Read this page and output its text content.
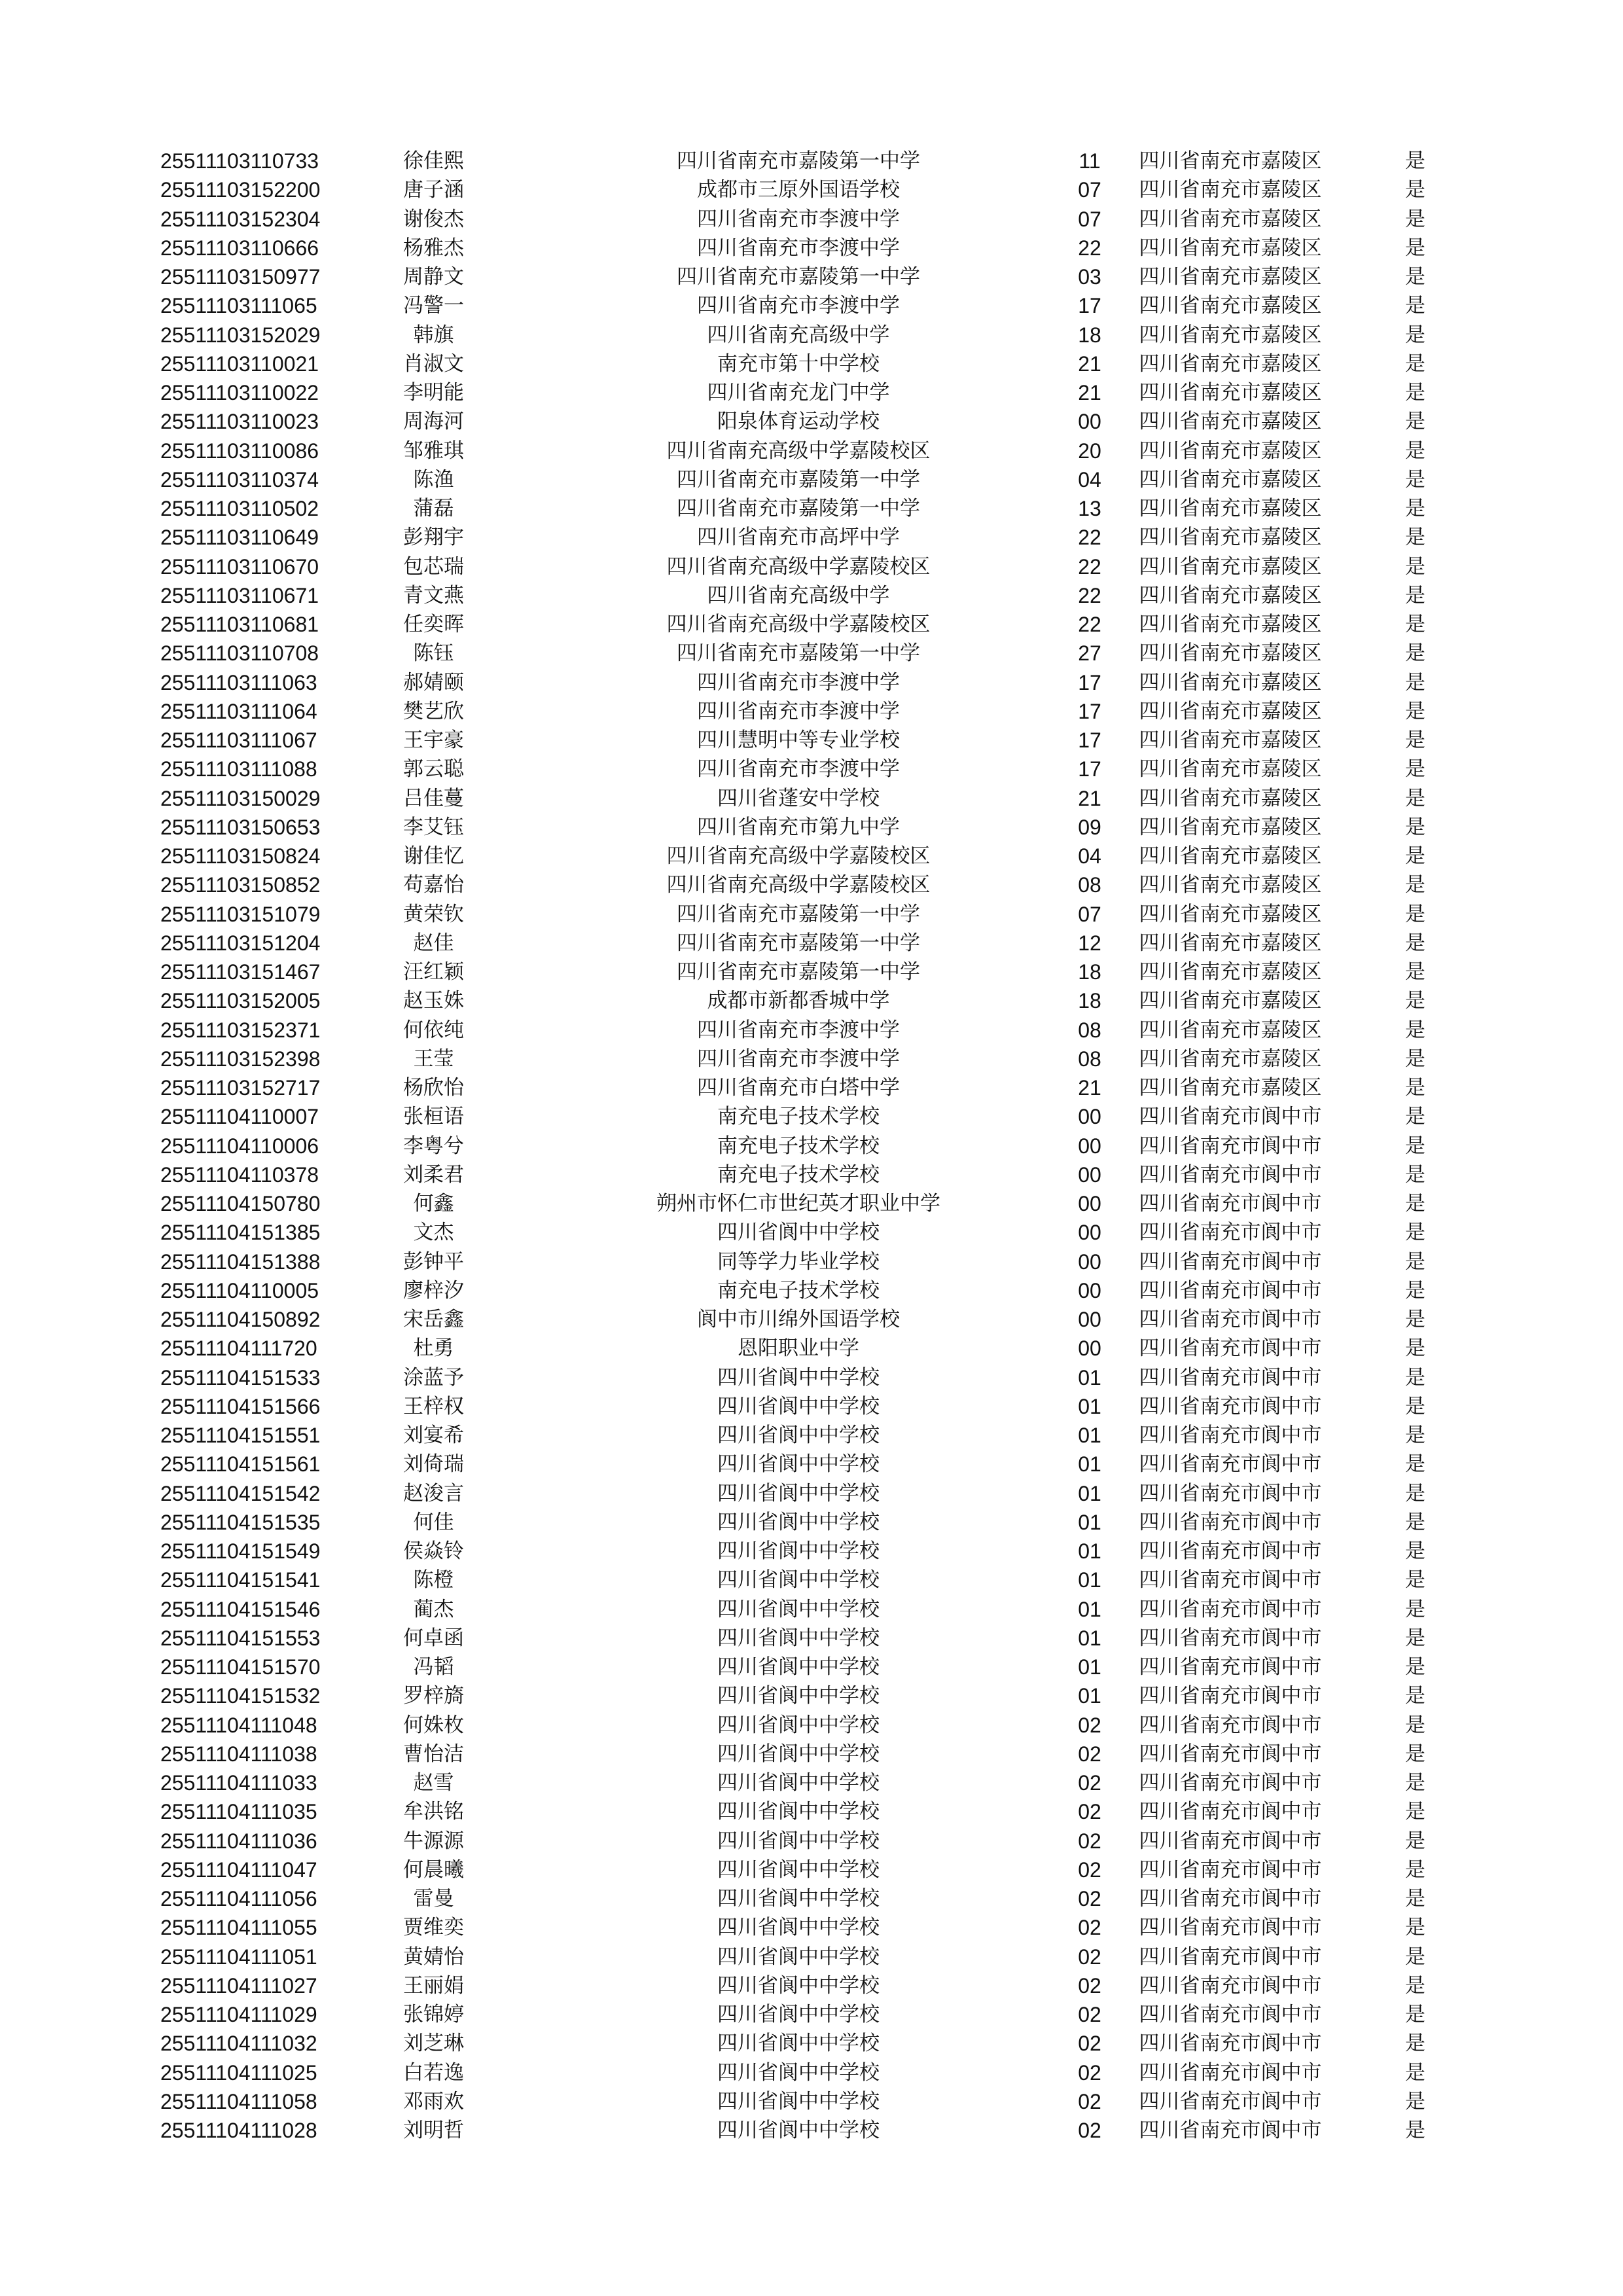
25511103110733	徐佳熙	四川省南充市嘉陵第一中学	11	四川省南充市嘉陵区	是
25511103152200	唐子涵	成都市三原外国语学校	07	四川省南充市嘉陵区	是
25511103152304	谢俊杰	四川省南充市李渡中学	07	四川省南充市嘉陵区	是
25511103110666	杨雅杰	四川省南充市李渡中学	22	四川省南充市嘉陵区	是
25511103150977	周静文	四川省南充市嘉陵第一中学	03	四川省南充市嘉陵区	是
25511103111065	冯警一	四川省南充市李渡中学	17	四川省南充市嘉陵区	是
25511103152029	韩旗	四川省南充高级中学	18	四川省南充市嘉陵区	是
25511103110021	肖淑文	南充市第十中学校	21	四川省南充市嘉陵区	是
25511103110022	李明能	四川省南充龙门中学	21	四川省南充市嘉陵区	是
25511103110023	周海河	阳泉体育运动学校	00	四川省南充市嘉陵区	是
25511103110086	邹雅琪	四川省南充高级中学嘉陵校区	20	四川省南充市嘉陵区	是
25511103110374	陈渔	四川省南充市嘉陵第一中学	04	四川省南充市嘉陵区	是
25511103110502	蒲磊	四川省南充市嘉陵第一中学	13	四川省南充市嘉陵区	是
25511103110649	彭翔宇	四川省南充市高坪中学	22	四川省南充市嘉陵区	是
25511103110670	包芯瑞	四川省南充高级中学嘉陵校区	22	四川省南充市嘉陵区	是
25511103110671	青文燕	四川省南充高级中学	22	四川省南充市嘉陵区	是
25511103110681	任奕晖	四川省南充高级中学嘉陵校区	22	四川省南充市嘉陵区	是
25511103110708	陈钰	四川省南充市嘉陵第一中学	27	四川省南充市嘉陵区	是
25511103111063	郝婧颐	四川省南充市李渡中学	17	四川省南充市嘉陵区	是
25511103111064	樊艺欣	四川省南充市李渡中学	17	四川省南充市嘉陵区	是
25511103111067	王宇豪	四川慧明中等专业学校	17	四川省南充市嘉陵区	是
25511103111088	郭云聪	四川省南充市李渡中学	17	四川省南充市嘉陵区	是
25511103150029	吕佳蔓	四川省蓬安中学校	21	四川省南充市嘉陵区	是
25511103150653	李艾钰	四川省南充市第九中学	09	四川省南充市嘉陵区	是
25511103150824	谢佳忆	四川省南充高级中学嘉陵校区	04	四川省南充市嘉陵区	是
25511103150852	苟嘉怡	四川省南充高级中学嘉陵校区	08	四川省南充市嘉陵区	是
25511103151079	黄荣钦	四川省南充市嘉陵第一中学	07	四川省南充市嘉陵区	是
25511103151204	赵佳	四川省南充市嘉陵第一中学	12	四川省南充市嘉陵区	是
25511103151467	汪红颖	四川省南充市嘉陵第一中学	18	四川省南充市嘉陵区	是
25511103152005	赵玉姝	成都市新都香城中学	18	四川省南充市嘉陵区	是
25511103152371	何依纯	四川省南充市李渡中学	08	四川省南充市嘉陵区	是
25511103152398	王莹	四川省南充市李渡中学	08	四川省南充市嘉陵区	是
25511103152717	杨欣怡	四川省南充市白塔中学	21	四川省南充市嘉陵区	是
25511104110007	张桓语	南充电子技术学校	00	四川省南充市阆中市	是
25511104110006	李粤兮	南充电子技术学校	00	四川省南充市阆中市	是
25511104110378	刘柔君	南充电子技术学校	00	四川省南充市阆中市	是
25511104150780	何鑫	朔州市怀仁市世纪英才职业中学	00	四川省南充市阆中市	是
25511104151385	文杰	四川省阆中中学校	00	四川省南充市阆中市	是
25511104151388	彭钟平	同等学力毕业学校	00	四川省南充市阆中市	是
25511104110005	廖梓汐	南充电子技术学校	00	四川省南充市阆中市	是
25511104150892	宋岳鑫	阆中市川绵外国语学校	00	四川省南充市阆中市	是
25511104111720	杜勇	恩阳职业中学	00	四川省南充市阆中市	是
25511104151533	涂蓝予	四川省阆中中学校	01	四川省南充市阆中市	是
25511104151566	王梓权	四川省阆中中学校	01	四川省南充市阆中市	是
25511104151551	刘宴希	四川省阆中中学校	01	四川省南充市阆中市	是
25511104151561	刘倚瑞	四川省阆中中学校	01	四川省南充市阆中市	是
25511104151542	赵浚言	四川省阆中中学校	01	四川省南充市阆中市	是
25511104151535	何佳	四川省阆中中学校	01	四川省南充市阆中市	是
25511104151549	侯焱铃	四川省阆中中学校	01	四川省南充市阆中市	是
25511104151541	陈橙	四川省阆中中学校	01	四川省南充市阆中市	是
25511104151546	蔺杰	四川省阆中中学校	01	四川省南充市阆中市	是
25511104151553	何卓函	四川省阆中中学校	01	四川省南充市阆中市	是
25511104151570	冯韬	四川省阆中中学校	01	四川省南充市阆中市	是
25511104151532	罗梓旖	四川省阆中中学校	01	四川省南充市阆中市	是
25511104111048	何姝枚	四川省阆中中学校	02	四川省南充市阆中市	是
25511104111038	曹怡洁	四川省阆中中学校	02	四川省南充市阆中市	是
25511104111033	赵雪	四川省阆中中学校	02	四川省南充市阆中市	是
25511104111035	牟洪铭	四川省阆中中学校	02	四川省南充市阆中市	是
25511104111036	牛源源	四川省阆中中学校	02	四川省南充市阆中市	是
25511104111047	何晨曦	四川省阆中中学校	02	四川省南充市阆中市	是
25511104111056	雷曼	四川省阆中中学校	02	四川省南充市阆中市	是
25511104111055	贾维奕	四川省阆中中学校	02	四川省南充市阆中市	是
25511104111051	黄婧怡	四川省阆中中学校	02	四川省南充市阆中市	是
25511104111027	王丽娟	四川省阆中中学校	02	四川省南充市阆中市	是
25511104111029	张锦婷	四川省阆中中学校	02	四川省南充市阆中市	是
25511104111032	刘芝琳	四川省阆中中学校	02	四川省南充市阆中市	是
25511104111025	白若逸	四川省阆中中学校	02	四川省南充市阆中市	是
25511104111058	邓雨欢	四川省阆中中学校	02	四川省南充市阆中市	是
25511104111028	刘明哲	四川省阆中中学校	02	四川省南充市阆中市	是
